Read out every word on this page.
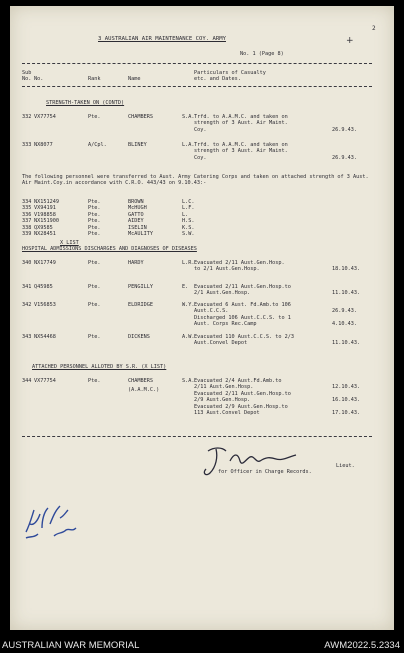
3 AUSTRALIAN AIR MAINTENANCE COY. ARMY
No. 1 (Page 8)
+
2
Sub
No. No.	Rank	Name
Particulars of Casualty
etc. and Dates.
The following personnel were transferred to Aust. Army Catering Corps and taken on attached strength of 3 Aust. Air Maint.Coy.in accordance with C.R.O. 443/43 on 9.10.43:-
Lieut.
for Officer in Charge Records.
STRENGTH-TAKEN ON (CONTD)
332 VX77754	Pte.	CHAMBERS	S.A. Trfd. to A.A.M.C. and taken on
strength of 3 Aust. Air Maint.
Coy.	26.9.43.
333 NX8077	A/Cpl.	BLINEY	L.A. Trfd. to A.A.M.C. and taken on
strength of 3 Aust. Air Maint.
Coy.	26.9.43.
334 NX151249	Pte.	BROWN	L.C.
335 VX94191	Pte.	McHUGH	L.F.
336 V198858	Pte.	GATTO	L.
337 NX151900	Pte.	AIDEY	H.S.
338 QX9585	Pte.	ISELIN	K.S.
339 NX28451	Pte.	McAULITY	S.W.
X LIST
HOSPITAL ADMISSIONS DISCHARGES AND DIAGNOSES OF DISEASES
340 NX17749	Pte.	HARDY	L.R. Evacuated 2/11 Aust.Gen.Hosp.
to 2/1 Aust.Gen.Hosp.	18.10.43.
341 Q45985	Pte.	PENGILLY	E. Evacuated 2/11 Aust.Gen.Hosp.to
2/1 Aust.Gen.Hosp.	11.10.43.
342 V156853	Pte.	ELDRIDGE	W.Y. Evacuated 6 Aust. Fd.Amb.to 106
Aust.C.C.S.	26.9.43.
Discharged 106 Aust.C.C.S. to 1
Aust. Corps Rec.Camp	4.10.43.
343 NX54468	Pte.	DICKENS	A.W. Evacuated 110 Aust.C.C.S. to 2/3
Aust.Convel Depot	11.10.43.
ATTACHED PERSONNEL ALLOTED BY S.R. (X LIST)
344 VX77754	Pte.	CHAMBERS	S.A.
(A.A.M.C.)
Evacuated 2/4 Aust.Fd.Amb.to
2/11 Aust.Gen.Hosp.	12.10.43.
Evacuated 2/11 Aust.Gen.Hosp.to
2/9 Aust.Gen.Hosp.	16.10.43.
Evacuated 2/9 Aust.Gen.Hosp.to
113 Aust.Convel Depot	17.10.43.
AUSTRALIAN WAR MEMORIAL	AWM2022.5.2334
